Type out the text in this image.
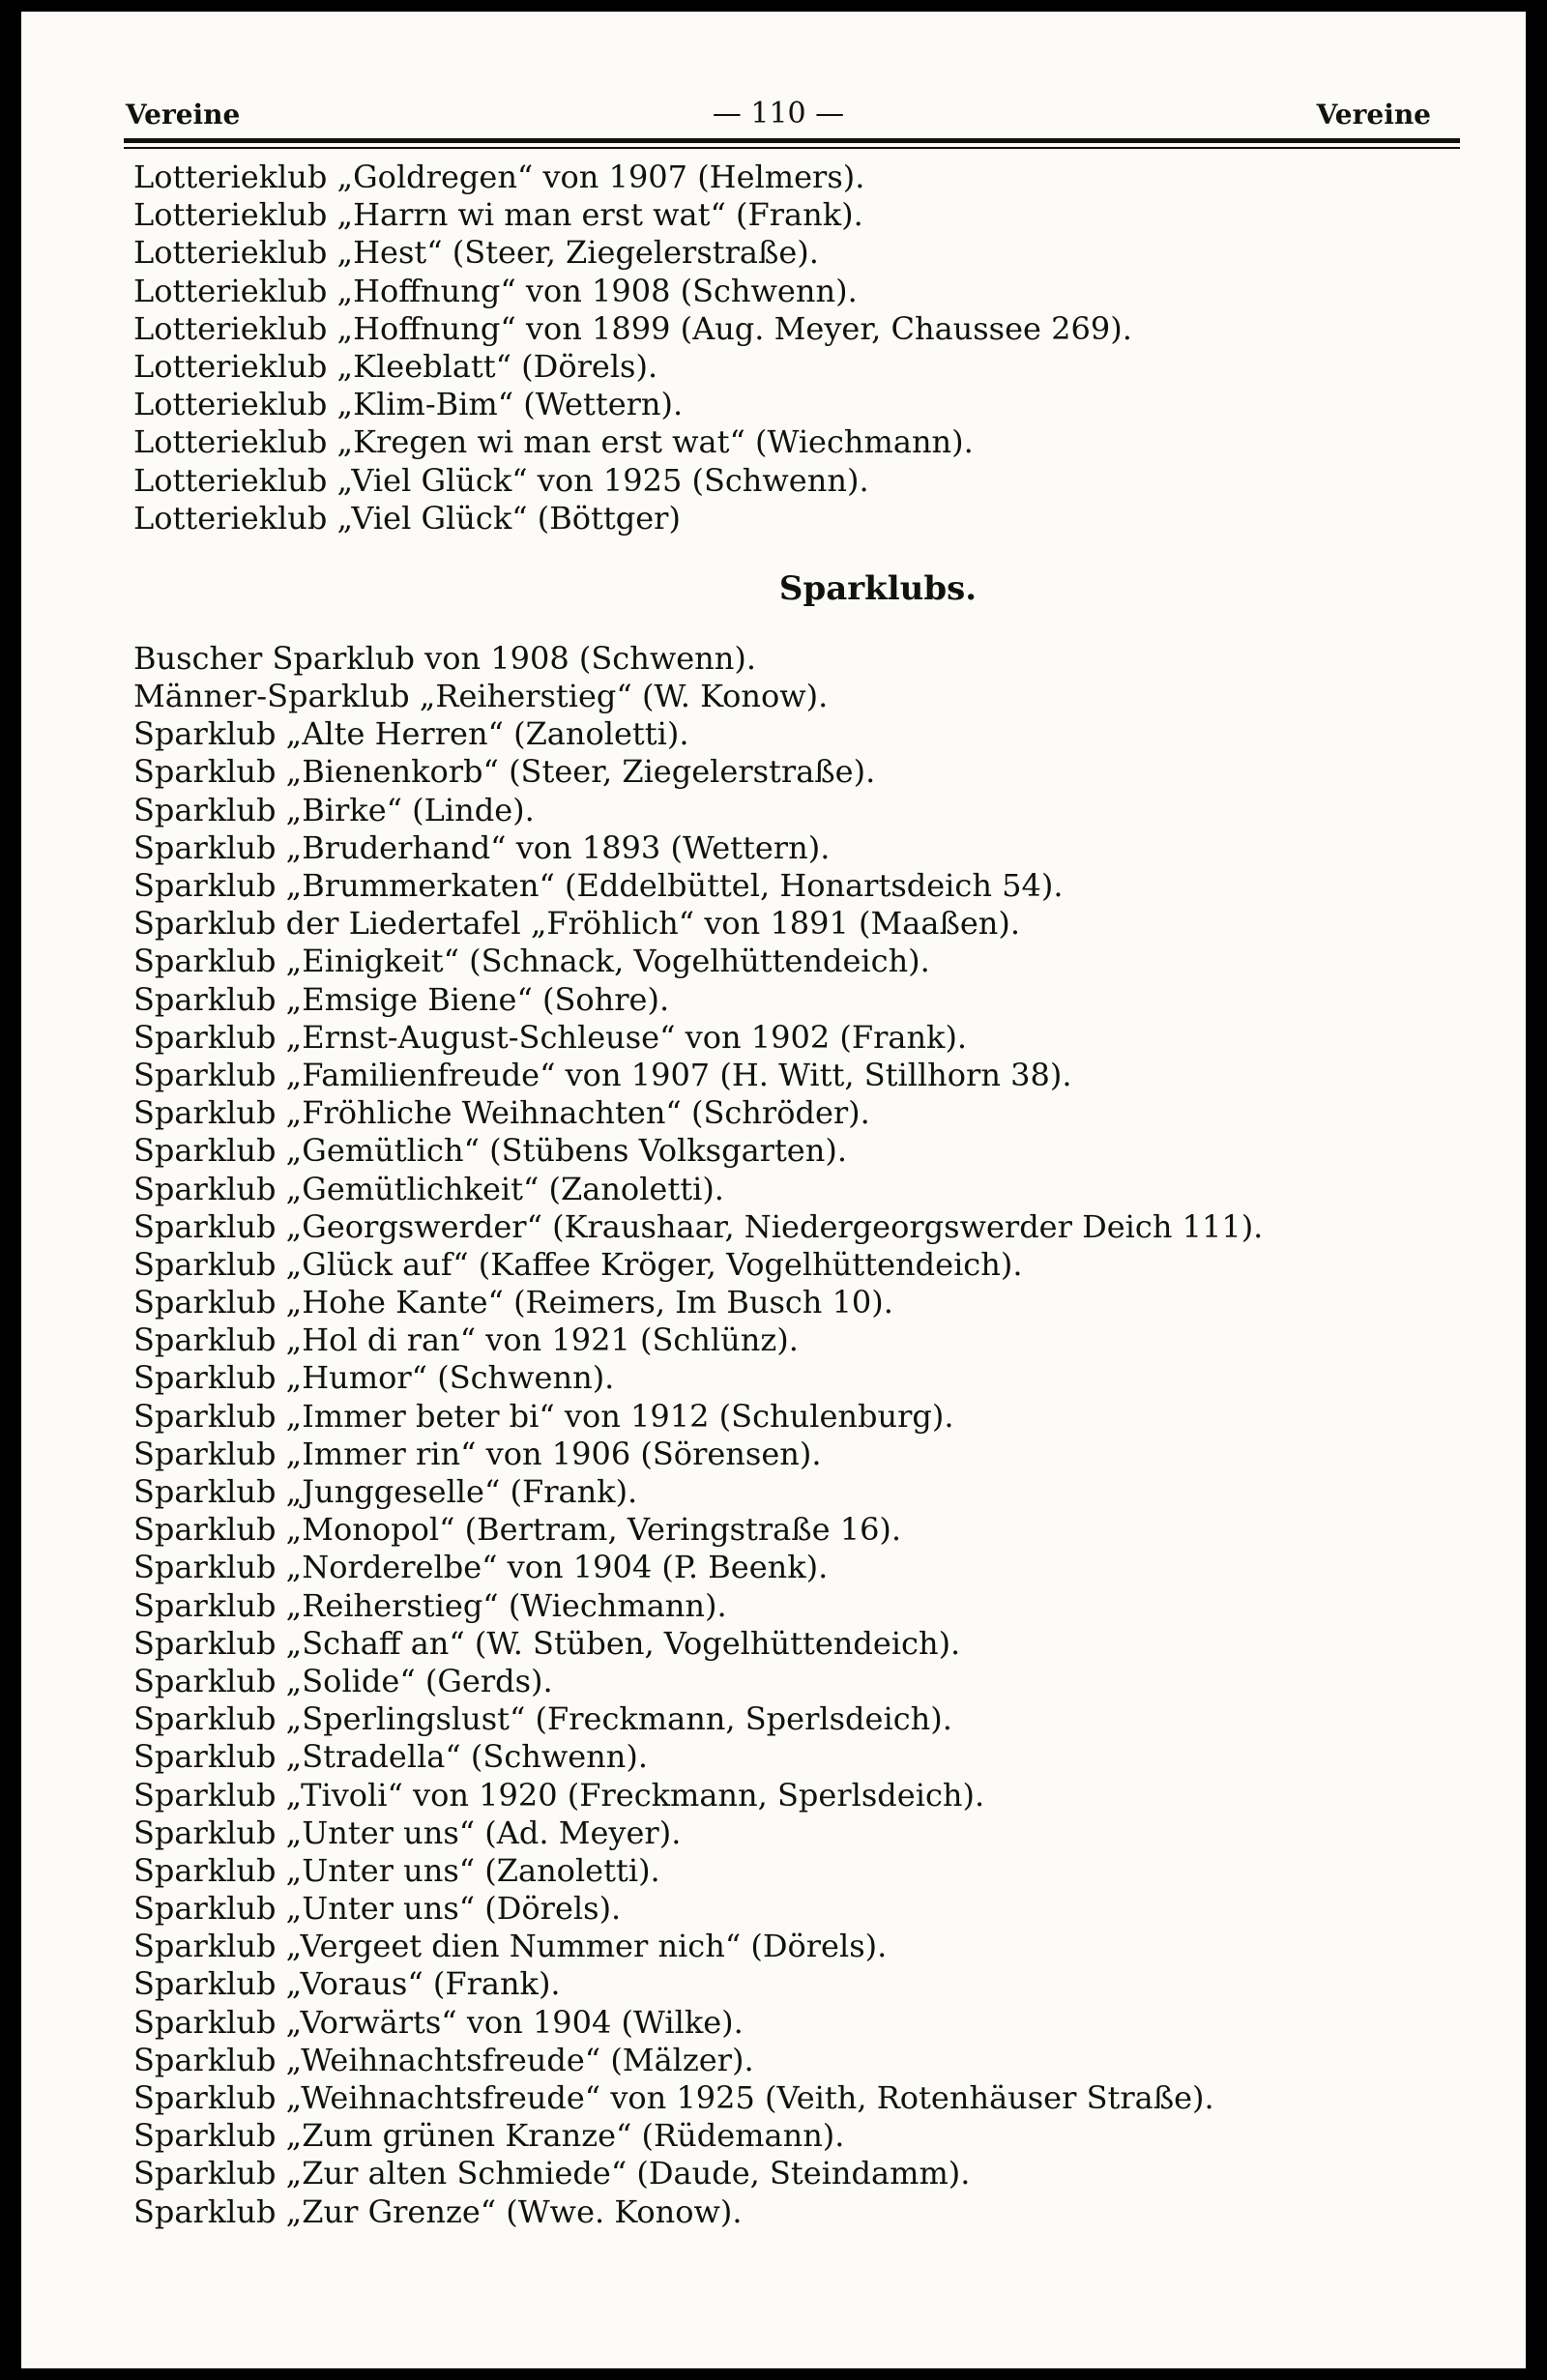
Vereine	— 110 —	Vereine
Lotterieklub „Goldregen“ von 1907 (Helmers).
Lotterieklub „Harrn wi man erst wat“ (Frank).
Lotterieklub „Hest“ (Steer, Ziegelerstraße).
Lotterieklub „Hoffnung“ von 1908 (Schwenn).
Lotterieklub „Hoffnung“ von 1899 (Aug. Meyer, Chaussee 269).
Lotterieklub „Kleeblatt“ (Dörels).
Lotterieklub „Klim-Bim“ (Wettern).
Lotterieklub „Kregen wi man erst wat“ (Wiechmann).
Lotterieklub „Viel Glück“ von 1925 (Schwenn).
Lotterieklub „Viel Glück“ (Böttger)
Sparklubs.
Buscher Sparklub von 1908 (Schwenn).
Männer-Sparklub „Reiherstieg“ (W. Konow).
Sparklub „Alte Herren“ (Zanoletti).
Sparklub „Bienenkorb“ (Steer, Ziegelerstraße).
Sparklub „Birke“ (Linde).
Sparklub „Bruderhand“ von 1893 (Wettern).
Sparklub „Brummerkaten“ (Eddelbüttel, Honartsdeich 54).
Sparklub der Liedertafel „Fröhlich“ von 1891 (Maaßen).
Sparklub „Einigkeit“ (Schnack, Vogelhüttendeich).
Sparklub „Emsige Biene“ (Sohre).
Sparklub „Ernst-August-Schleuse“ von 1902 (Frank).
Sparklub „Familienfreude“ von 1907 (H. Witt, Stillhorn 38).
Sparklub „Fröhliche Weihnachten“ (Schröder).
Sparklub „Gemütlich“ (Stübens Volksgarten).
Sparklub „Gemütlichkeit“ (Zanoletti).
Sparklub „Georgswerder“ (Kraushaar, Niedergeorgswerder Deich 111).
Sparklub „Glück auf“ (Kaffee Kröger, Vogelhüttendeich).
Sparklub „Hohe Kante“ (Reimers, Im Busch 10).
Sparklub „Hol di ran“ von 1921 (Schlünz).
Sparklub „Humor“ (Schwenn).
Sparklub „Immer beter bi“ von 1912 (Schulenburg).
Sparklub „Immer rin“ von 1906 (Sörensen).
Sparklub „Junggeselle“ (Frank).
Sparklub „Monopol“ (Bertram, Veringstraße 16).
Sparklub „Norderelbe“ von 1904 (P. Beenk).
Sparklub „Reiherstieg“ (Wiechmann).
Sparklub „Schaff an“ (W. Stüben, Vogelhüttendeich).
Sparklub „Solide“ (Gerds).
Sparklub „Sperlingslust“ (Freckmann, Sperlsdeich).
Sparklub „Stradella“ (Schwenn).
Sparklub „Tivoli“ von 1920 (Freckmann, Sperlsdeich).
Sparklub „Unter uns“ (Ad. Meyer).
Sparklub „Unter uns“ (Zanoletti).
Sparklub „Unter uns“ (Dörels).
Sparklub „Vergeet dien Nummer nich“ (Dörels).
Sparklub „Voraus“ (Frank).
Sparklub „Vorwärts“ von 1904 (Wilke).
Sparklub „Weihnachtsfreude“ (Mälzer).
Sparklub „Weihnachtsfreude“ von 1925 (Veith, Rotenhäuser Straße).
Sparklub „Zum grünen Kranze“ (Rüdemann).
Sparklub „Zur alten Schmiede“ (Daude, Steindamm).
Sparklub „Zur Grenze“ (Wwe. Konow).
